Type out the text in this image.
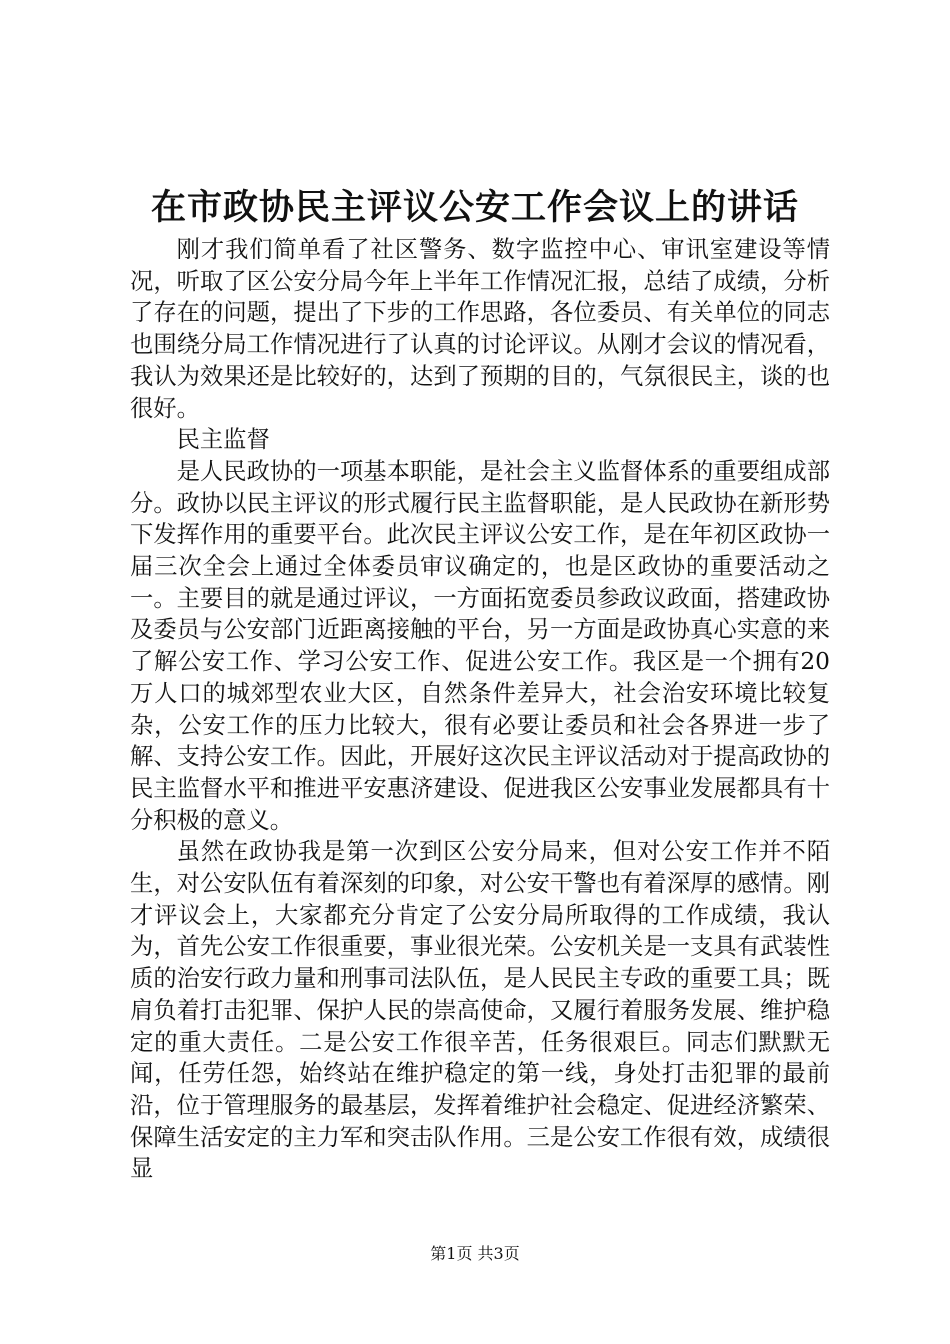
在市政协民主评议公安工作会议上的讲话

刚才我们简单看了社区警务、数字监控中心、审讯室建设等情况，听取了区公安分局今年上半年工作情况汇报，总结了成绩，分析了存在的问题，提出了下步的工作思路，各位委员、有关单位的同志也围绕分局工作情况进行了认真的讨论评议。从刚才会议的情况看，我认为效果还是比较好的，达到了预期的目的，气氛很民主，谈的也很好。

民主监督

是人民政协的一项基本职能，是社会主义监督体系的重要组成部分。政协以民主评议的形式履行民主监督职能，是人民政协在新形势下发挥作用的重要平台。此次民主评议公安工作，是在年初区政协一届三次全会上通过全体委员审议确定的，也是区政协的重要活动之一。主要目的就是通过评议，一方面拓宽委员参政议政面，搭建政协及委员与公安部门近距离接触的平台，另一方面是政协真心实意的来了解公安工作、学习公安工作、促进公安工作。我区是一个拥有20万人口的城郊型农业大区，自然条件差异大，社会治安环境比较复杂，公安工作的压力比较大，很有必要让委员和社会各界进一步了解、支持公安工作。因此，开展好这次民主评议活动对于提高政协的民主监督水平和推进平安惠济建设、促进我区公安事业发展都具有十分积极的意义。

虽然在政协我是第一次到区公安分局来，但对公安工作并不陌生，对公安队伍有着深刻的印象，对公安干警也有着深厚的感情。刚才评议会上，大家都充分肯定了公安分局所取得的工作成绩，我认为，首先公安工作很重要，事业很光荣。公安机关是一支具有武装性质的治安行政力量和刑事司法队伍，是人民民主专政的重要工具；既肩负着打击犯罪、保护人民的崇高使命，又履行着服务发展、维护稳定的重大责任。二是公安工作很辛苦，任务很艰巨。同志们默默无闻，任劳任怨，始终站在维护稳定的第一线，身处打击犯罪的最前沿，位于管理服务的最基层，发挥着维护社会稳定、促进经济繁荣、保障生活安定的主力军和突击队作用。三是公安工作很有效，成绩很显

第1页 共3页
